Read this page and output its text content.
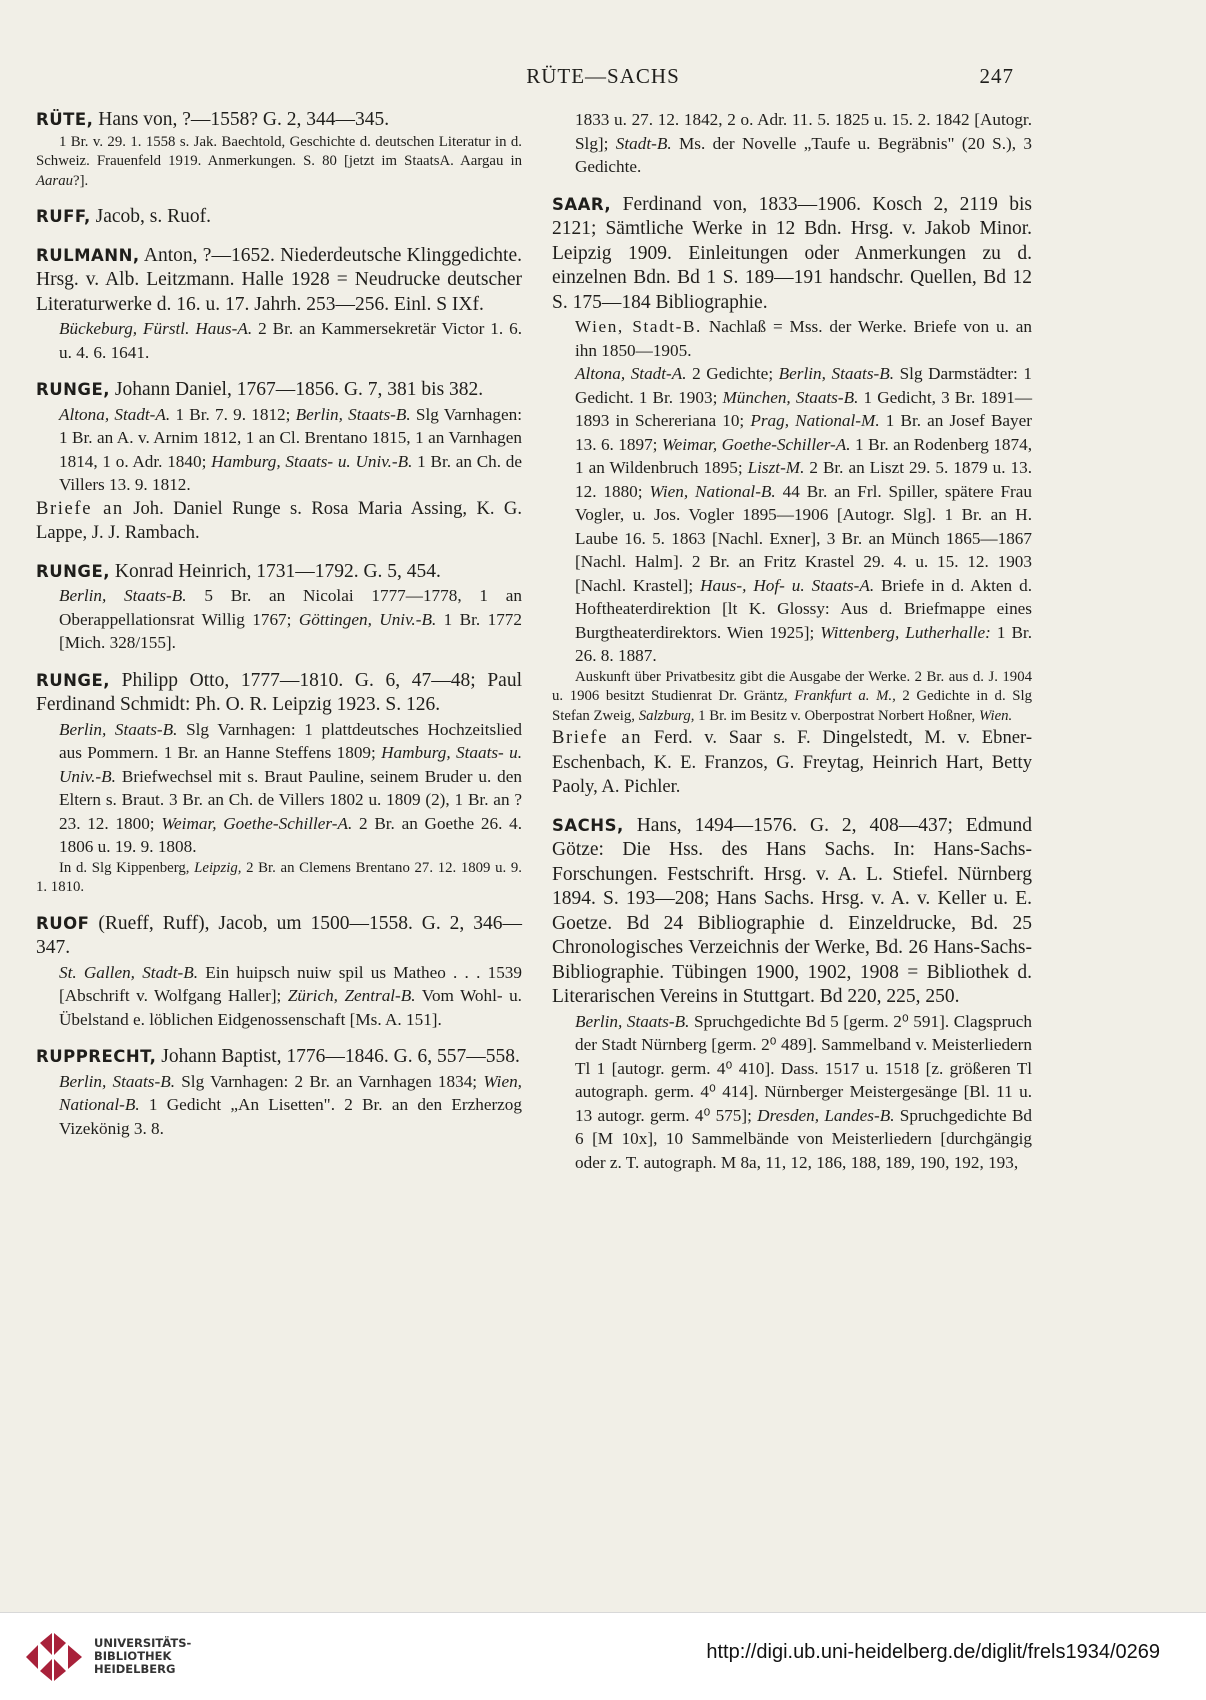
RÜTE—SACHS	247

RÜTE, Hans von, ?—1558? G. 2, 344—345.

1 Br. v. 29. 1. 1558 s. Jak. Baechtold, Geschichte d. deutschen Literatur in d. Schweiz. Frauenfeld 1919. Anmerkungen. S. 80 [jetzt im StaatsA. Aargau in Aarau?].

RUFF, Jacob, s. Ruof.

RULMANN, Anton, ?—1652. Niederdeutsche Klinggedichte. Hrsg. v. Alb. Leitzmann. Halle 1928 = Neudrucke deutscher Literaturwerke d. 16. u. 17. Jahrh. 253—256. Einl. S IXf.

Bückeburg, Fürstl. Haus-A. 2 Br. an Kammersekretär Victor 1. 6. u. 4. 6. 1641.

RUNGE, Johann Daniel, 1767—1856. G. 7, 381 bis 382.

Altona, Stadt-A. 1 Br. 7. 9. 1812; Berlin, Staats-B. Slg Varnhagen: 1 Br. an A. v. Arnim 1812, 1 an Cl. Brentano 1815, 1 an Varnhagen 1814, 1 o. Adr. 1840; Hamburg, Staats- u. Univ.-B. 1 Br. an Ch. de Villers 13. 9. 1812.

Briefe an Joh. Daniel Runge s. Rosa Maria Assing, K. G. Lappe, J. J. Rambach.

RUNGE, Konrad Heinrich, 1731—1792. G. 5, 454.

Berlin, Staats-B. 5 Br. an Nicolai 1777—1778, 1 an Oberappellationsrat Willig 1767; Göttingen, Univ.-B. 1 Br. 1772 [Mich. 328/155].

RUNGE, Philipp Otto, 1777—1810. G. 6, 47—48; Paul Ferdinand Schmidt: Ph. O. R. Leipzig 1923. S. 126.

Berlin, Staats-B. Slg Varnhagen: 1 plattdeutsches Hochzeitslied aus Pommern. 1 Br. an Hanne Steffens 1809; Hamburg, Staats- u. Univ.-B. Briefwechsel mit s. Braut Pauline, seinem Bruder u. den Eltern s. Braut. 3 Br. an Ch. de Villers 1802 u. 1809 (2), 1 Br. an ? 23. 12. 1800; Weimar, Goethe-Schiller-A. 2 Br. an Goethe 26. 4. 1806 u. 19. 9. 1808.

In d. Slg Kippenberg, Leipzig, 2 Br. an Clemens Brentano 27. 12. 1809 u. 9. 1. 1810.

RUOF (Rueff, Ruff), Jacob, um 1500—1558. G. 2, 346—347.

St. Gallen, Stadt-B. Ein huipsch nuiw spil us Matheo . . . 1539 [Abschrift v. Wolfgang Haller]; Zürich, Zentral-B. Vom Wohl- u. Übelstand e. löblichen Eidgenossenschaft [Ms. A. 151].

RUPPRECHT, Johann Baptist, 1776—1846. G. 6, 557—558.

Berlin, Staats-B. Slg Varnhagen: 2 Br. an Varnhagen 1834; Wien, National-B. 1 Gedicht „An Lisetten". 2 Br. an den Erzherzog Vizekönig 3. 8.

1833 u. 27. 12. 1842, 2 o. Adr. 11. 5. 1825 u. 15. 2. 1842 [Autogr. Slg]; Stadt-B. Ms. der Novelle „Taufe u. Begräbnis" (20 S.), 3 Gedichte.

SAAR, Ferdinand von, 1833—1906. Kosch 2, 2119 bis 2121; Sämtliche Werke in 12 Bdn. Hrsg. v. Jakob Minor. Leipzig 1909. Einleitungen oder Anmerkungen zu d. einzelnen Bdn. Bd 1 S. 189—191 handschr. Quellen, Bd 12 S. 175—184 Bibliographie.

Wien, Stadt-B. Nachlaß = Mss. der Werke. Briefe von u. an ihn 1850—1905.

Altona, Stadt-A. 2 Gedichte; Berlin, Staats-B. Slg Darmstädter: 1 Gedicht. 1 Br. 1903; München, Staats-B. 1 Gedicht, 3 Br. 1891—1893 in Schereriana 10; Prag, National-M. 1 Br. an Josef Bayer 13. 6. 1897; Weimar, Goethe-Schiller-A. 1 Br. an Rodenberg 1874, 1 an Wildenbruch 1895; Liszt-M. 2 Br. an Liszt 29. 5. 1879 u. 13. 12. 1880; Wien, National-B. 44 Br. an Frl. Spiller, spätere Frau Vogler, u. Jos. Vogler 1895—1906 [Autogr. Slg]. 1 Br. an H. Laube 16. 5. 1863 [Nachl. Exner], 3 Br. an Münch 1865—1867 [Nachl. Halm]. 2 Br. an Fritz Krastel 29. 4. u. 15. 12. 1903 [Nachl. Krastel]; Haus-, Hof- u. Staats-A. Briefe in d. Akten d. Hoftheaterdirektion [lt K. Glossy: Aus d. Briefmappe eines Burgtheaterdirektors. Wien 1925]; Wittenberg, Lutherhalle: 1 Br. 26. 8. 1887.

Auskunft über Privatbesitz gibt die Ausgabe der Werke. 2 Br. aus d. J. 1904 u. 1906 besitzt Studienrat Dr. Gräntz, Frankfurt a. M., 2 Gedichte in d. Slg Stefan Zweig, Salzburg, 1 Br. im Besitz v. Oberpostrat Norbert Hoßner, Wien.

Briefe an Ferd. v. Saar s. F. Dingelstedt, M. v. Ebner-Eschenbach, K. E. Franzos, G. Freytag, Heinrich Hart, Betty Paoly, A. Pichler.

SACHS, Hans, 1494—1576. G. 2, 408—437; Edmund Götze: Die Hss. des Hans Sachs. In: Hans-Sachs-Forschungen. Festschrift. Hrsg. v. A. L. Stiefel. Nürnberg 1894. S. 193—208; Hans Sachs. Hrsg. v. A. v. Keller u. E. Goetze. Bd 24 Bibliographie d. Einzeldrucke, Bd. 25 Chronologisches Verzeichnis der Werke, Bd. 26 Hans-Sachs-Bibliographie. Tübingen 1900, 1902, 1908 = Bibliothek d. Literarischen Vereins in Stuttgart. Bd 220, 225, 250.

Berlin, Staats-B. Spruchgedichte Bd 5 [germ. 2⁰ 591]. Clagspruch der Stadt Nürnberg [germ. 2⁰ 489]. Sammelband v. Meisterliedern Tl 1 [autogr. germ. 4⁰ 410]. Dass. 1517 u. 1518 [z. größeren Tl autograph. germ. 4⁰ 414]. Nürnberger Meistergesänge [Bl. 11 u. 13 autogr. germ. 4⁰ 575]; Dresden, Landes-B. Spruchgedichte Bd 6 [M 10x], 10 Sammelbände von Meisterliedern [durchgängig oder z. T. autograph. M 8a, 11, 12, 186, 188, 189, 190, 192, 193,

UNIVERSITÄTS-
BIBLIOTHEK
HEIDELBERG
http://digi.ub.uni-heidelberg.de/diglit/frels1934/0269
